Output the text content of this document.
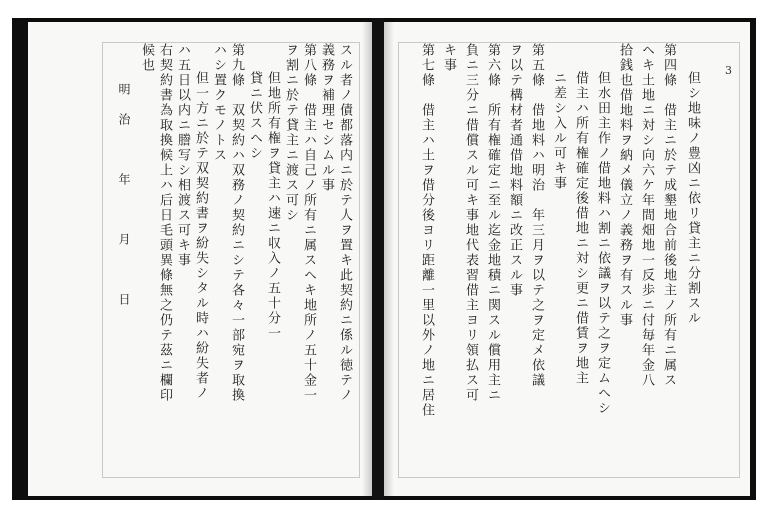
スル者ノ債都落内ニ於テ人ヲ置キ此契約ニ係ル徳テノ
義務ヲ補理セシムル事
第八條　借主ハ自己ノ所有ニ属スヘキ地所ノ五十金一
ヲ割ニ於テ貸主ニ渡ス可シ
但地所有権ヲ貸主ハ速ニ収入ノ五十分一
貸ニ伏スヘシ
第九條　双契約ハ双務ノ契約ニシテ各々一部宛ヲ取換
ハシ置クモノトス
但一方ニ於テ双契約書ヲ紛失シタル時ハ紛失者ノ
ハ五日以内ニ謄写シ相渡ス可キ事
右契約書為取換候上ハ后日毛頭異條無之仍テ茲ニ欄印
候也
明治　年　月　日
3
但シ地味ノ豊凶ニ依リ貸主ニ分割スル
第四條　借主ニ於テ成墾地合前後地主ノ所有ニ属ス
ヘキ土地ニ対シ向六ケ年間畑地一反歩ニ付毎年金八
拾銭也借地料ヲ納メ儀立ノ義務ヲ有スル事
但水田主作ノ借地料ハ割ニ依議ヲ以テ之ヲ定ムヘシ
借主ハ所有権確定後借地ニ対シ更ニ借賃ヲ地主
ニ差シ入ル可キ事
第五條　借地料ハ明治　年三月ヲ以テ之ヲ定メ依議
ヲ以テ構材者通借地料額ニ改正スル事
第六條　所有権確定ニ至ル迄金地積ニ関スル償用主ニ
負ニ三分ニ借償スル可キ事地代表習借主ヨリ領払ス可
キ事
第七條　借主ハ土ヲ借分後ヨリ距離一里以外ノ地ニ居住
